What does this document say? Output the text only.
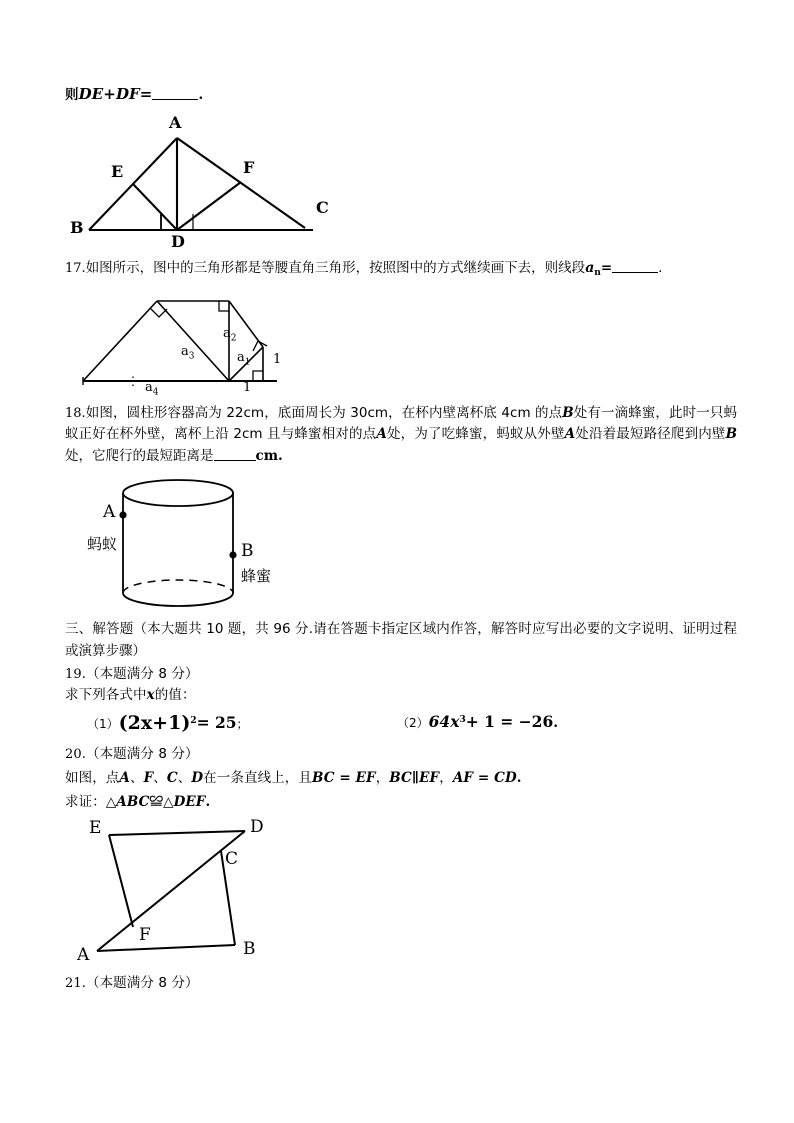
则DE+DF=	.
A
B
C
D
E	F
17.如图所示，图中的三角形都是等腰直角三角形，按照图中的方式继续画下去，则线段$a_n=$	.
$a_2$
$a_1$
$a_3$
$a_4$
1
1
⋮
18.如图，圆柱形容器高为 22cm，底面周长为 30cm，在杯内壁离杯底 4cm 的点B处有一滴蜂蜜，此时一只蚂蚁正好在杯外壁，离杯上沿 2cm 且与蜂蜜相对的点A处，为了吃蜂蜜，蚂蚁从外壁A处沿着最短路径爬到内壁B处，它爬行的最短距离是	cm.
A
B
蚂蚁
蜂蜜
三、解答题（本大题共 10 题，共 96 分.请在答题卡指定区域内作答，解答时应写出必要的文字说明、证明过程或演算步骤）
19.（本题满分 8 分）
求下列各式中x的值：
$(1)(2x+1)^2= 25$；	$(2)64x^3+ 1 = -26$.
20.（本题满分 8 分）
如图，点A、F、C、D在一条直线上，且BC = EF，BC∥EF，AF = CD.
求证：△ABC≌△DEF.
E	D
C
F
A	B
21.（本题满分 8 分）
